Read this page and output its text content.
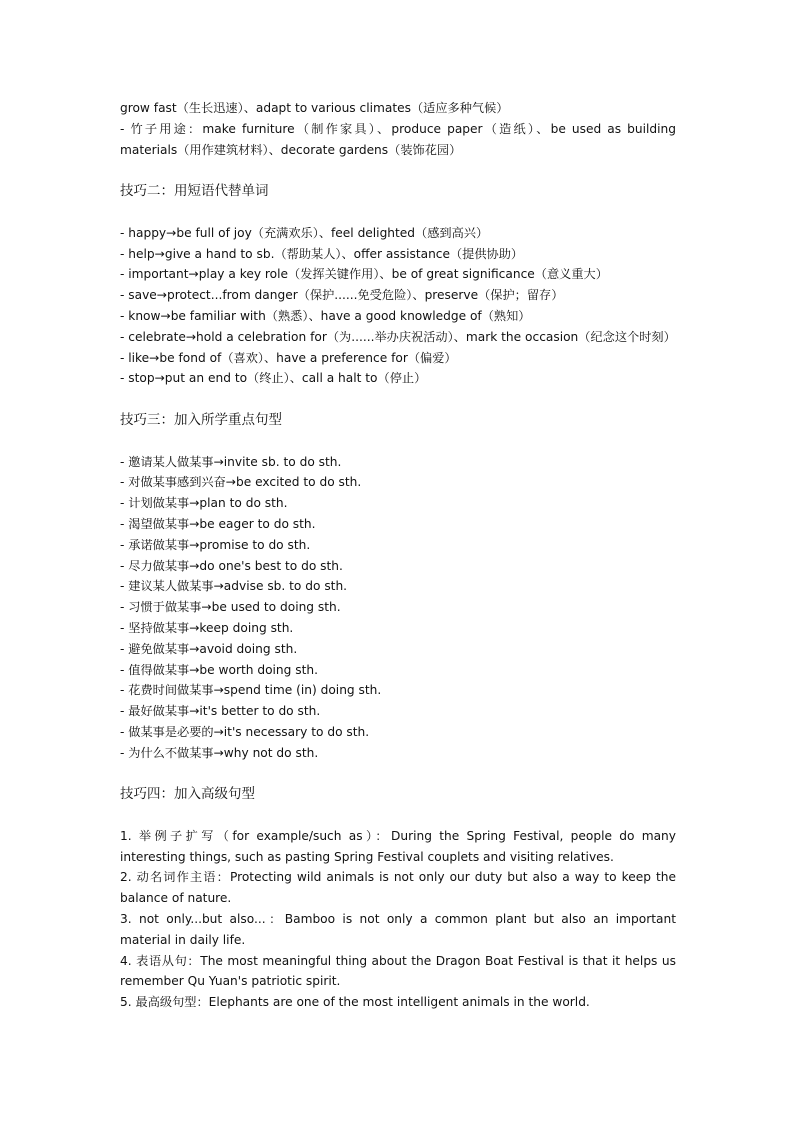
grow fast（生长迅速）、adapt to various climates（适应多种气候）
- 竹子用途：make furniture（制作家具）、produce paper（造纸）、be used as building materials（用作建筑材料）、decorate gardens（装饰花园）
技巧二：用短语代替单词
- happy→be full of joy（充满欢乐）、feel delighted（感到高兴）
- help→give a hand to sb.（帮助某人）、offer assistance（提供协助）
- important→play a key role（发挥关键作用）、be of great significance（意义重大）
- save→protect...from danger（保护......免受危险）、preserve（保护；留存）
- know→be familiar with（熟悉）、have a good knowledge of（熟知）
- celebrate→hold a celebration for（为......举办庆祝活动）、mark the occasion（纪念这个时刻）
- like→be fond of（喜欢）、have a preference for（偏爱）
- stop→put an end to（终止）、call a halt to（停止）
技巧三：加入所学重点句型
- 邀请某人做某事→invite sb. to do sth.
- 对做某事感到兴奋→be excited to do sth.
- 计划做某事→plan to do sth.
- 渴望做某事→be eager to do sth.
- 承诺做某事→promise to do sth.
- 尽力做某事→do one's best to do sth.
- 建议某人做某事→advise sb. to do sth.
- 习惯于做某事→be used to doing sth.
- 坚持做某事→keep doing sth.
- 避免做某事→avoid doing sth.
- 值得做某事→be worth doing sth.
- 花费时间做某事→spend time (in) doing sth.
- 最好做某事→it's better to do sth.
- 做某事是必要的→it's necessary to do sth.
- 为什么不做某事→why not do sth.
技巧四：加入高级句型
1. 举例子扩写（for example/such as）：During the Spring Festival, people do many interesting things, such as pasting Spring Festival couplets and visiting relatives.
2. 动名词作主语：Protecting wild animals is not only our duty but also a way to keep the balance of nature.
3. not only...but also...：Bamboo is not only a common plant but also an important material in daily life.
4. 表语从句：The most meaningful thing about the Dragon Boat Festival is that it helps us remember Qu Yuan's patriotic spirit.
5. 最高级句型：Elephants are one of the most intelligent animals in the world.
